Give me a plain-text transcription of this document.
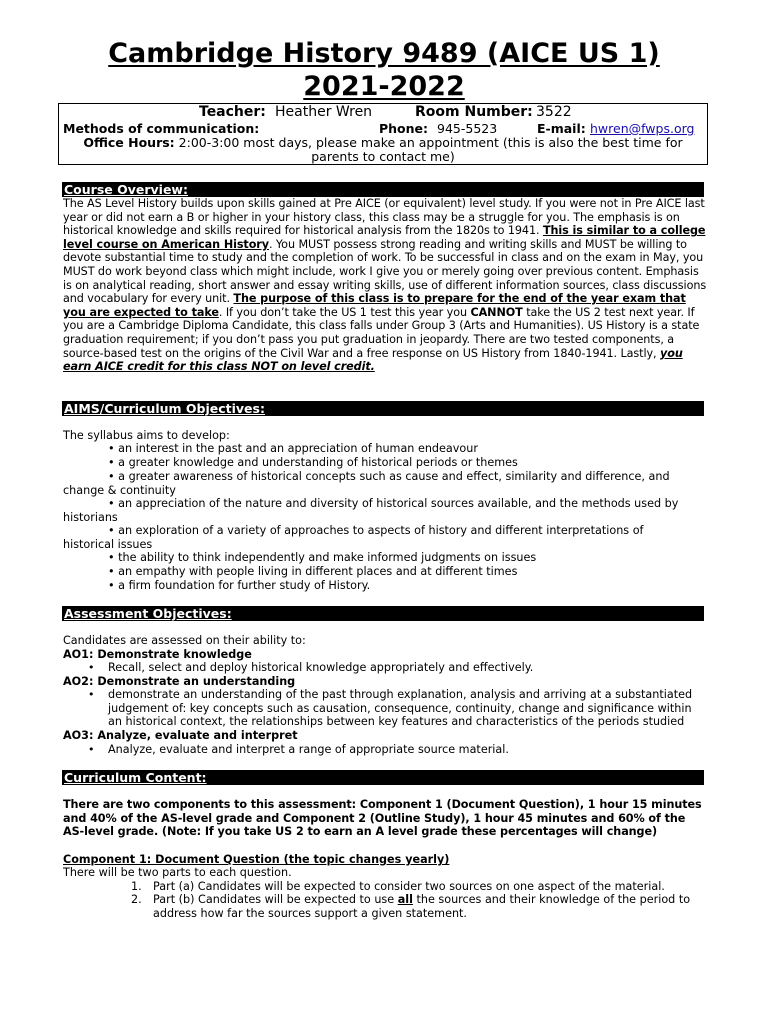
Cambridge History 9489 (AICE US 1)
2021-2022
Teacher: Heather Wren	Room Number: 3522
Methods of communication:	Phone: 945-5523	E-mail: hwren@fwps.org
Office Hours: 2:00-3:00 most days, please make an appointment (this is also the best time for
parents to contact me)
Course Overview:
The AS Level History builds upon skills gained at Pre AICE (or equivalent) level study. If you were not in Pre AICE last year or did not earn a B or higher in your history class, this class may be a struggle for you. The emphasis is on historical knowledge and skills required for historical analysis from the 1820s to 1941. This is similar to a college level course on American History. You MUST possess strong reading and writing skills and MUST be willing to devote substantial time to study and the completion of work. To be successful in class and on the exam in May, you MUST do work beyond class which might include, work I give you or merely going over previous content. Emphasis is on analytical reading, short answer and essay writing skills, use of different information sources, class discussions and vocabulary for every unit. The purpose of this class is to prepare for the end of the year exam that you are expected to take. If you don’t take the US 1 test this year you CANNOT take the US 2 test next year. If you are a Cambridge Diploma Candidate, this class falls under Group 3 (Arts and Humanities). US History is a state graduation requirement; if you don’t pass you put graduation in jeopardy. There are two tested components, a source-based test on the origins of the Civil War and a free response on US History from 1840-1941. Lastly, you earn AICE credit for this class NOT on level credit.
AIMS/Curriculum Objectives:
The syllabus aims to develop:
• an interest in the past and an appreciation of human endeavour
• a greater knowledge and understanding of historical periods or themes
• a greater awareness of historical concepts such as cause and effect, similarity and difference, and
change & continuity
• an appreciation of the nature and diversity of historical sources available, and the methods used by
historians
• an exploration of a variety of approaches to aspects of history and different interpretations of
historical issues
• the ability to think independently and make informed judgments on issues
• an empathy with people living in different places and at different times
• a firm foundation for further study of History.
Assessment Objectives:
Candidates are assessed on their ability to:
AO1: Demonstrate knowledge
• Recall, select and deploy historical knowledge appropriately and effectively.
AO2: Demonstrate an understanding
• demonstrate an understanding of the past through explanation, analysis and arriving at a substantiated judgement of: key concepts such as causation, consequence, continuity, change and significance within an historical context, the relationships between key features and characteristics of the periods studied
AO3: Analyze, evaluate and interpret
• Analyze, evaluate and interpret a range of appropriate source material.
Curriculum Content:
There are two components to this assessment: Component 1 (Document Question), 1 hour 15 minutes and 40% of the AS-level grade and Component 2 (Outline Study), 1 hour 45 minutes and 60% of the AS-level grade. (Note: If you take US 2 to earn an A level grade these percentages will change)
Component 1: Document Question (the topic changes yearly)
There will be two parts to each question.
1. Part (a) Candidates will be expected to consider two sources on one aspect of the material.
2. Part (b) Candidates will be expected to use all the sources and their knowledge of the period to address how far the sources support a given statement.
